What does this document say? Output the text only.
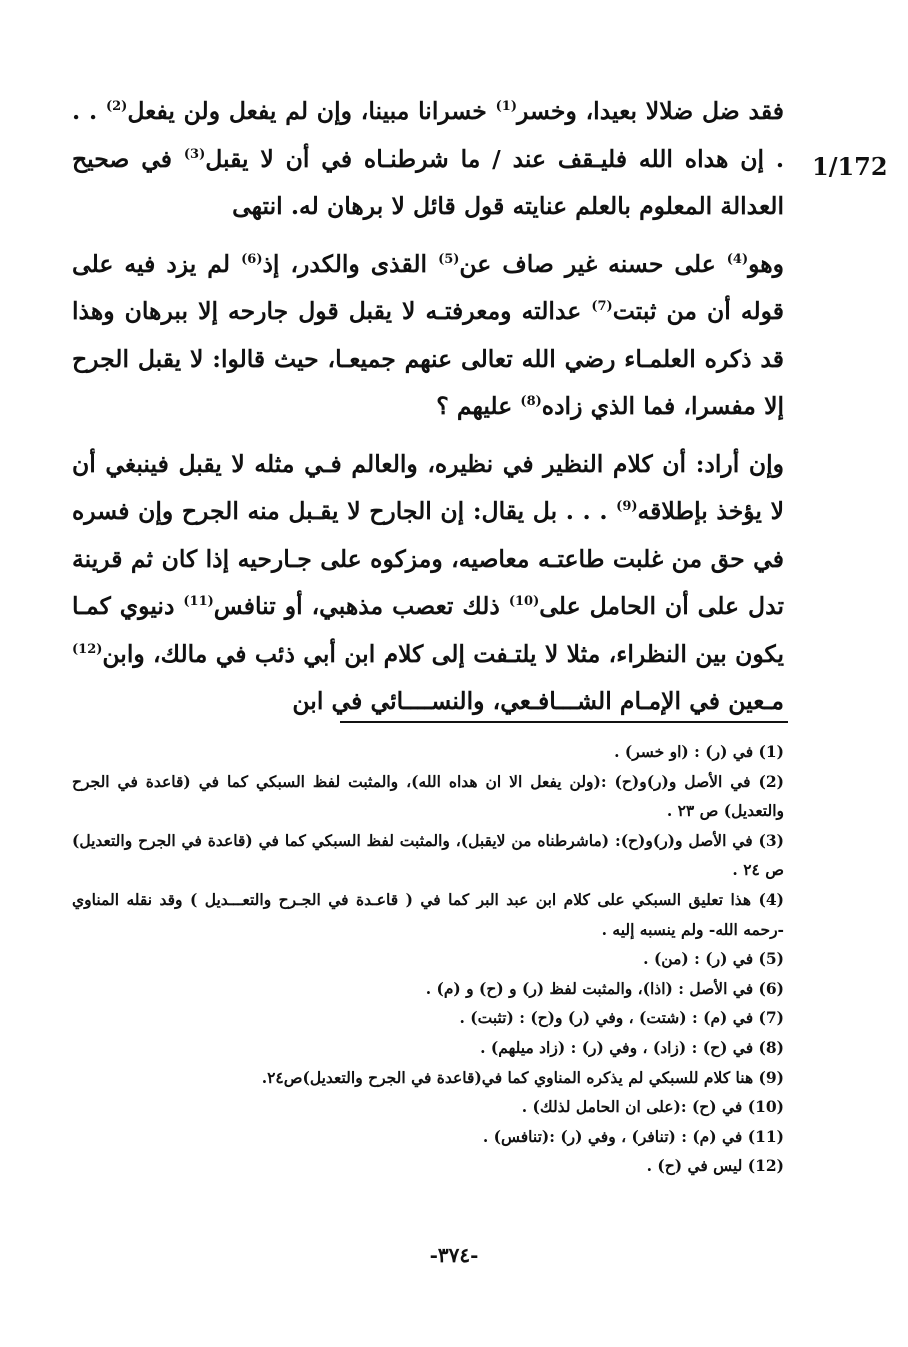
1/172

فقد ضل ضلالا بعيدا، وخسر$^{(1)}$ خسرانا مبينا، وإن لم يفعل ولن يفعل$^{(2)}$ . . . إن هداه الله فليـقف عند / ما شرطنـاه في أن لا يقبل$^{(3)}$ في صحيح العدالة المعلوم بالعلم عنايته قول قائل لا برهان له. انتهى

وهو$^{(4)}$ على حسنه غير صاف عن$^{(5)}$ القذى والكدر، إذ$^{(6)}$ لم يزد فيه على قوله أن من ثبتت$^{(7)}$ عدالته ومعرفتـه لا يقبل قول جارحه إلا ببرهان وهذا قد ذكره العلمـاء رضي الله تعالى عنهم جميعـا، حيث قالوا: لا يقبل الجرح إلا مفسرا، فما الذي زاده$^{(8)}$ عليهم ؟

وإن أراد: أن كلام النظير في نظيره، والعالم فـي مثله لا يقبل فينبغي أن لا يؤخذ بإطلاقه$^{(9)}$ . . . بل يقال: إن الجارح لا يقـبل منه الجرح وإن فسره في حق من غلبت طاعتـه معاصيه، ومزكوه على جـارحيه إذا كان ثم قرينة تدل على أن الحامل على$^{(10)}$ ذلك تعصب مذهبي، أو تنافس$^{(11)}$ دنيوي كمـا يكون بين النظراء، مثلا لا يلتـفت إلى كلام ابن أبي ذئب في مالك، وابن$^{(12)}$ مـعين في الإمـام الشـــافـعي، والنســــائي في ابن

(1) في (ر) : (او خسر) .

(2) في الأصل و(ر)و(ح) :(ولن يفعل الا ان هداه الله)، والمثبت لفظ السبكي كما في (قاعدة في الجرح والتعديل) ص ٢٣ .

(3) في الأصل و(ر)و(ح): (ماشرطناه من لايقبل)، والمثبت لفظ السبكي كما في (قاعدة في الجرح والتعديل) ص ٢٤ .

(4) هذا تعليق السبكي على كلام ابن عبد البر كما في ( قاعـدة في الجـرح والتعـــديل ) وقد نقله المناوي -رحمه الله- ولم ينسبه إليه .

(5) في (ر) : (من) .

(6) في الأصل : (اذا)، والمثبت لفظ (ر) و (ح) و (م) .

(7) في (م) : (شتت) ، وفي (ر) و(ح) : (تثبت) .

(8) في (ح) : (زاد) ، وفي (ر) : (زاد ميلهم) .

(9) هنا كلام للسبكي لم يذكره المناوي كما في(قاعدة في الجرح والتعديل)ص٢٤.

(10) في (ح) :(على ان الحامل لذلك) .

(11) في (م) : (تنافر) ، وفي (ر) :(تنافس) .

(12) ليس في (ح) .

-٣٧٤-
